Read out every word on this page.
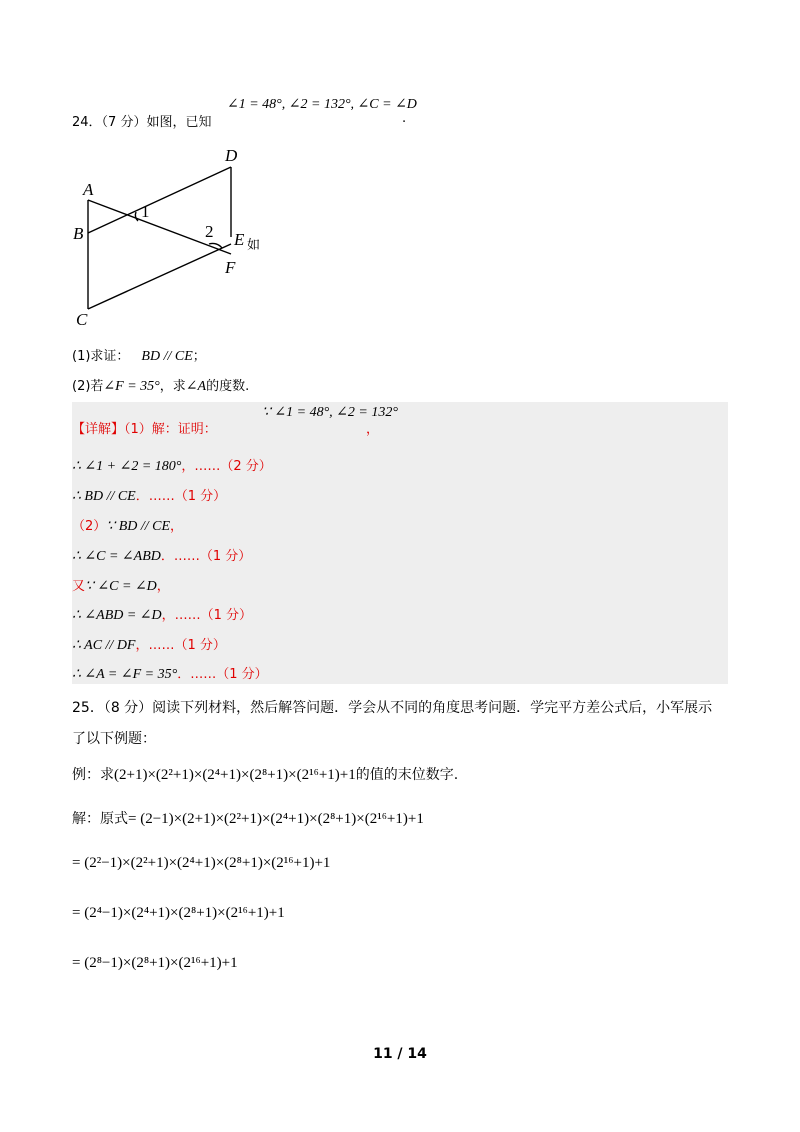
∠1 = 48°, ∠2 = 132°, ∠C = ∠D
24．（7 分）如图，已知	.
A
B
C
D
E 如
F
1
2
(1)求证： BD // CE；
(2)若∠F = 35°，求∠A的度数.
∵ ∠1 = 48°, ∠2 = 132°
【详解】（1）解：证明：	，
∴ ∠1 + ∠2 = 180°，……（2 分）
∴ BD // CE．……（1 分）
（2）∵ BD // CE，
∴ ∠C = ∠ABD．……（1 分）
又∵ ∠C = ∠D，
∴ ∠ABD = ∠D，……（1 分）
∴ AC // DF，……（1 分）
∴ ∠A = ∠F = 35°．……（1 分）
25．（8 分）阅读下列材料，然后解答问题．学会从不同的角度思考问题．学完平方差公式后，小军展示
了以下例题：
例：求(2+1)×(2²+1)×(2⁴+1)×(2⁸+1)×(2¹⁶+1)+1的值的末位数字.
解：原式= (2−1)×(2+1)×(2²+1)×(2⁴+1)×(2⁸+1)×(2¹⁶+1)+1
= (2²−1)×(2²+1)×(2⁴+1)×(2⁸+1)×(2¹⁶+1)+1
= (2⁴−1)×(2⁴+1)×(2⁸+1)×(2¹⁶+1)+1
= (2⁸−1)×(2⁸+1)×(2¹⁶+1)+1
11 / 14
